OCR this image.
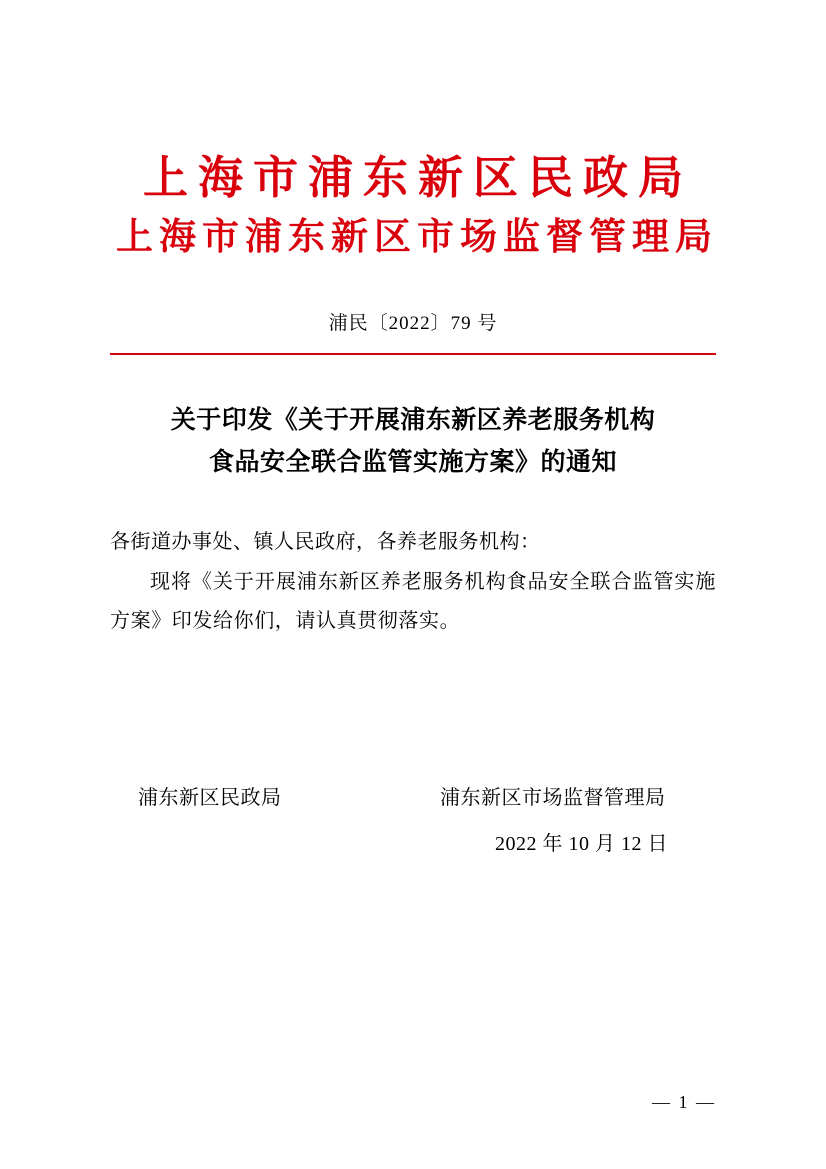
上海市浦东新区民政局
上海市浦东新区市场监督管理局
浦民〔2022〕79 号
关于印发《关于开展浦东新区养老服务机构
食品安全联合监管实施方案》的通知
各街道办事处、镇人民政府，各养老服务机构：
现将《关于开展浦东新区养老服务机构食品安全联合监管实施方案》印发给你们，请认真贯彻落实。
浦东新区民政局	浦东新区市场监督管理局
2022 年 10 月 12 日
— 1 —
